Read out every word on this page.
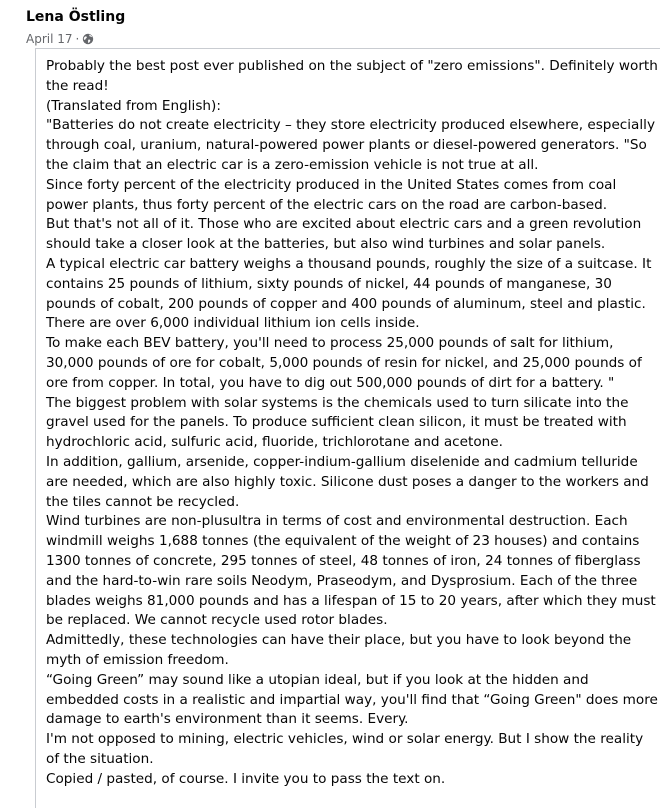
Lena Östling
April 17 ·

Probably the best post ever published on the subject of "zero emissions". Definitely worth the read!

(Translated from English):

"Batteries do not create electricity – they store electricity produced elsewhere, especially through coal, uranium, natural-powered power plants or diesel-powered generators. "So the claim that an electric car is a zero-emission vehicle is not true at all.

Since forty percent of the electricity produced in the United States comes from coal power plants, thus forty percent of the electric cars on the road are carbon-based.

But that's not all of it. Those who are excited about electric cars and a green revolution should take a closer look at the batteries, but also wind turbines and solar panels.

A typical electric car battery weighs a thousand pounds, roughly the size of a suitcase. It contains 25 pounds of lithium, sixty pounds of nickel, 44 pounds of manganese, 30 pounds of cobalt, 200 pounds of copper and 400 pounds of aluminum, steel and plastic. There are over 6,000 individual lithium ion cells inside.

To make each BEV battery, you'll need to process 25,000 pounds of salt for lithium, 30,000 pounds of ore for cobalt, 5,000 pounds of resin for nickel, and 25,000 pounds of ore from copper. In total, you have to dig out 500,000 pounds of dirt for a battery. "

The biggest problem with solar systems is the chemicals used to turn silicate into the gravel used for the panels. To produce sufficient clean silicon, it must be treated with hydrochloric acid, sulfuric acid, fluoride, trichlorotane and acetone.

In addition, gallium, arsenide, copper-indium-gallium diselenide and cadmium telluride are needed, which are also highly toxic. Silicone dust poses a danger to the workers and the tiles cannot be recycled.

Wind turbines are non-plusultra in terms of cost and environmental destruction. Each windmill weighs 1,688 tonnes (the equivalent of the weight of 23 houses) and contains 1300 tonnes of concrete, 295 tonnes of steel, 48 tonnes of iron, 24 tonnes of fiberglass and the hard-to-win rare soils Neodym, Praseodym, and Dysprosium. Each of the three blades weighs 81,000 pounds and has a lifespan of 15 to 20 years, after which they must be replaced. We cannot recycle used rotor blades.

Admittedly, these technologies can have their place, but you have to look beyond the myth of emission freedom.

“Going Green” may sound like a utopian ideal, but if you look at the hidden and embedded costs in a realistic and impartial way, you'll find that “Going Green" does more damage to earth's environment than it seems. Every.

I'm not opposed to mining, electric vehicles, wind or solar energy. But I show the reality of the situation.

Copied / pasted, of course. I invite you to pass the text on.
